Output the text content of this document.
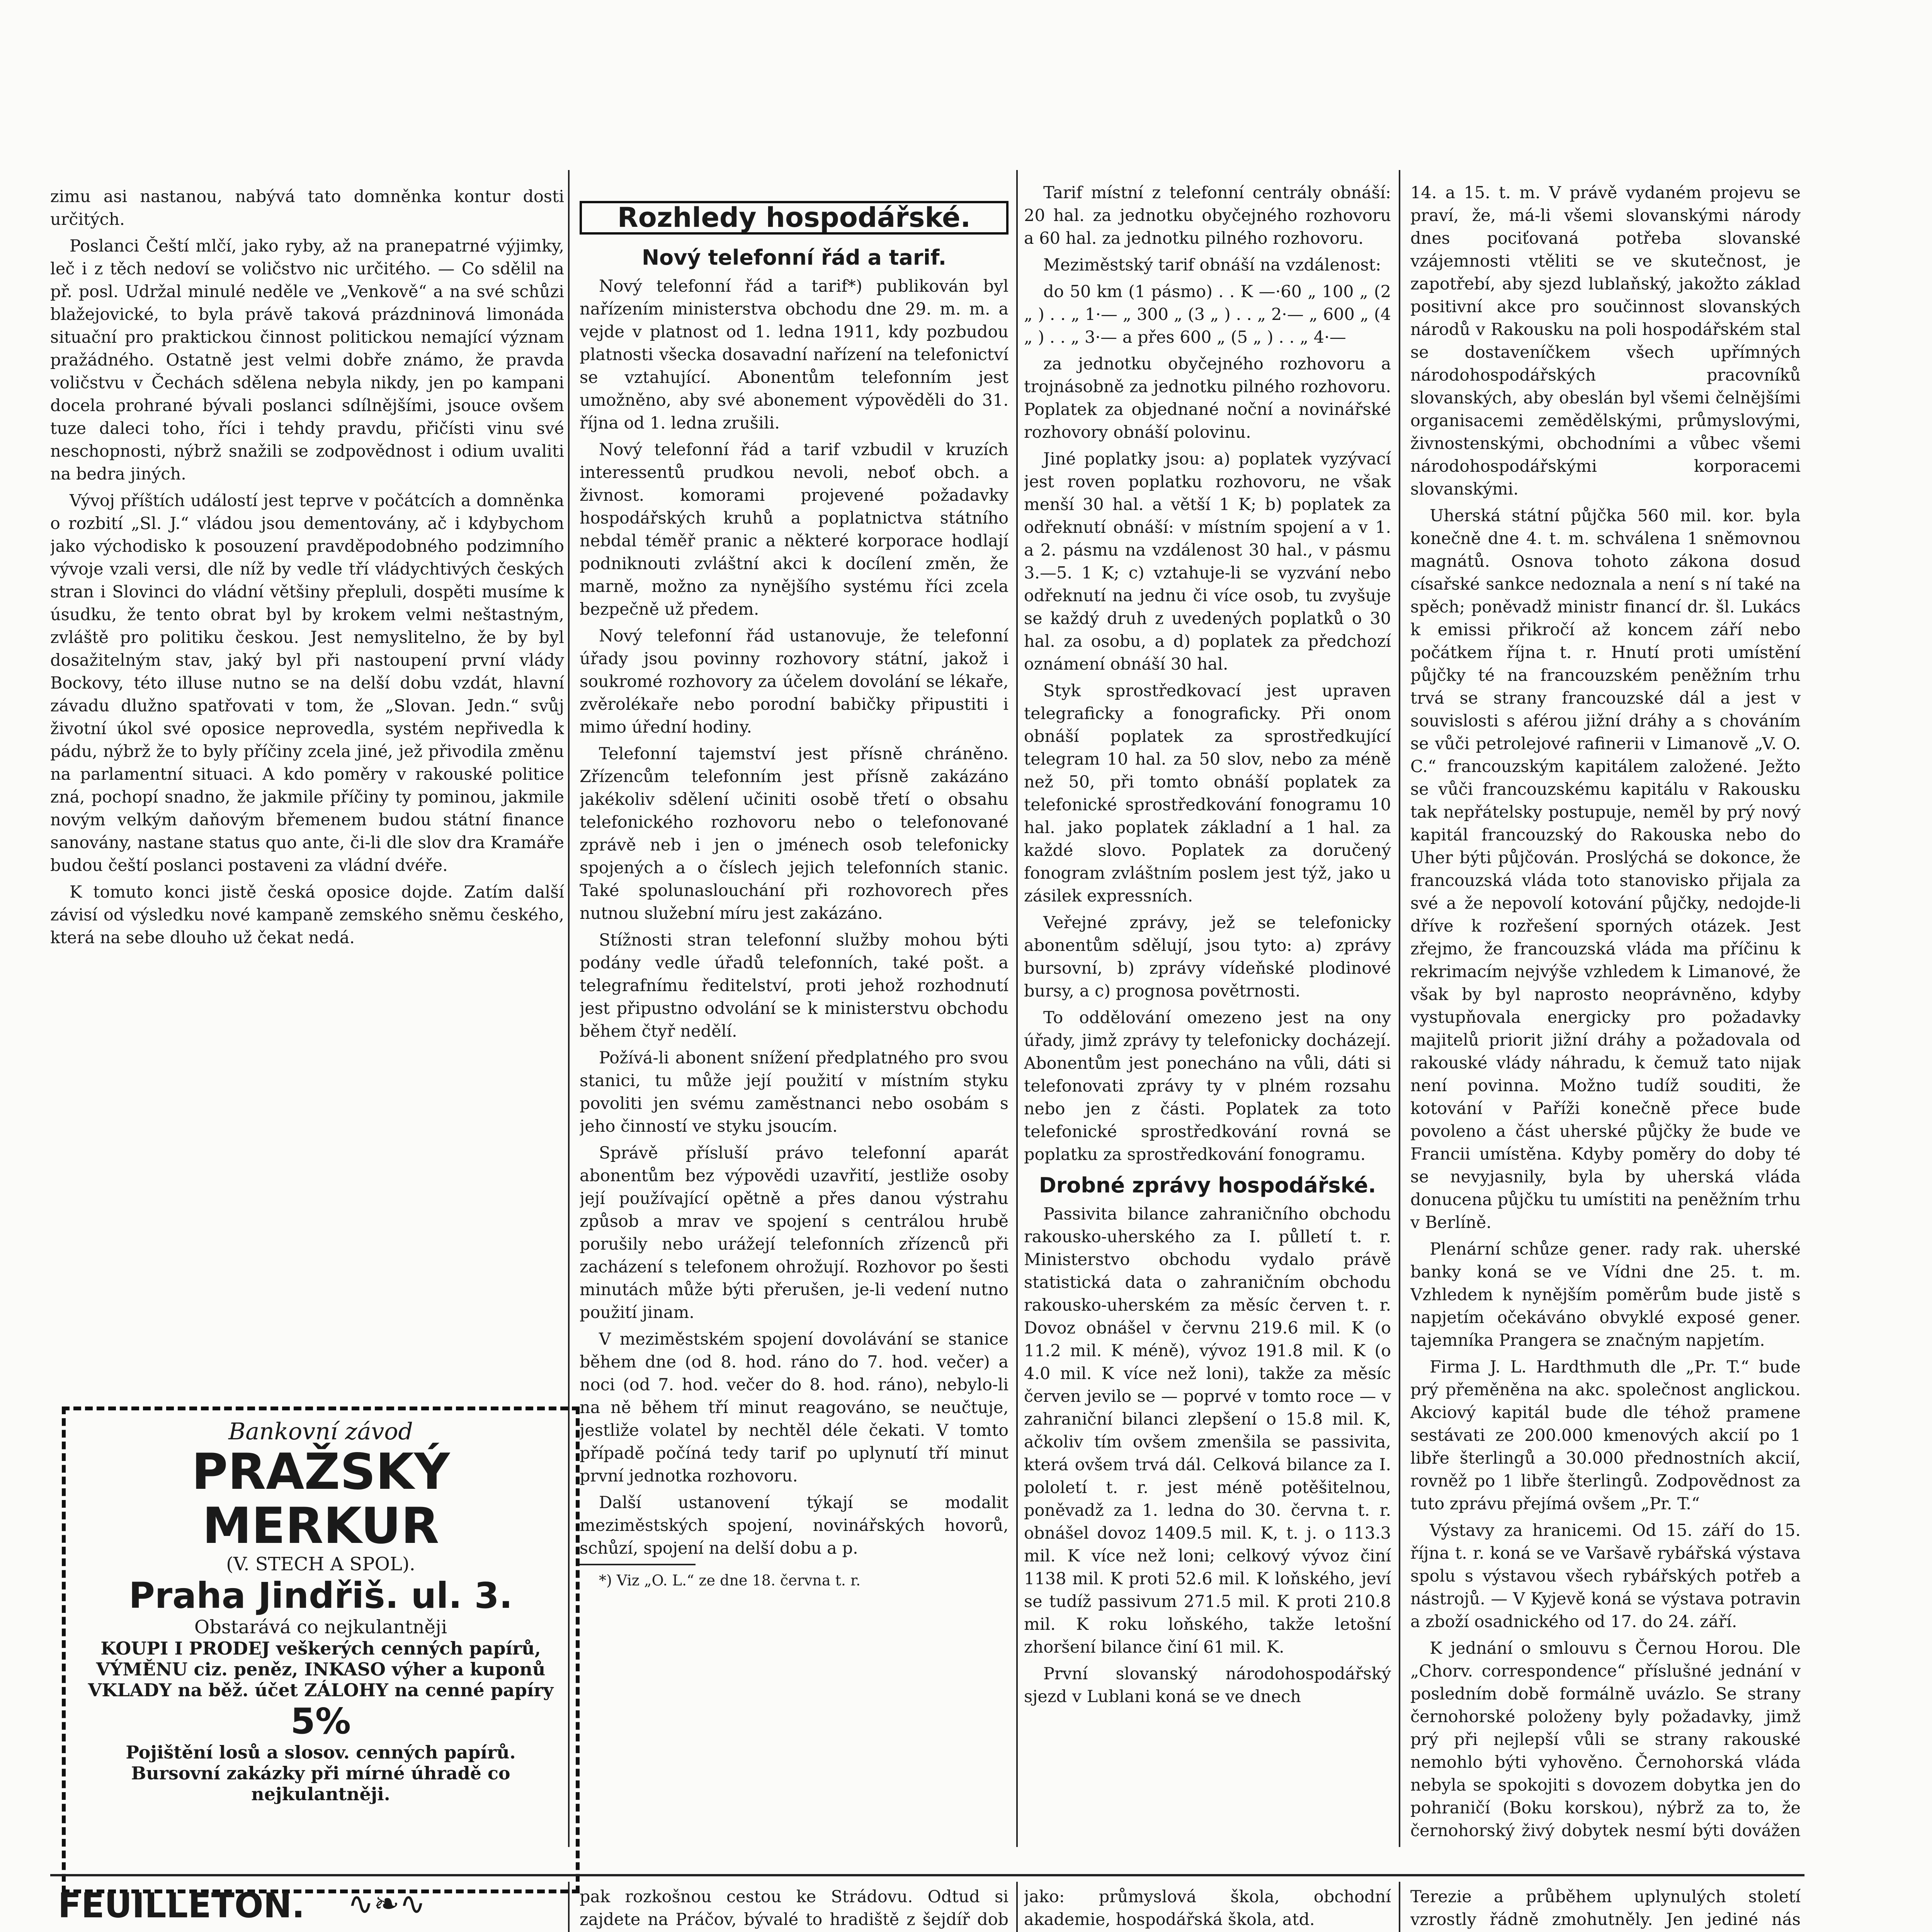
zimu asi nastanou, nabývá tato domněnka kontur dosti určitých.

Poslanci Čeští mlčí, jako ryby, až na pranepatrné výjimky, leč i z těch nedoví se voličstvo nic určitého. — Co sdělil na př. posl. Udržal minulé neděle ve „Venkově“ a na své schůzi blažejovické, to byla právě taková prázdninová limonáda situační pro praktickou činnost politickou nemající význam pražádného. Ostatně jest velmi dobře známo, že pravda voličstvu v Čechách sdělena nebyla nikdy, jen po kampani docela prohrané bývali poslanci sdílnějšími, jsouce ovšem tuze daleci toho, říci i tehdy pravdu, přičísti vinu své neschopnosti, nýbrž snažili se zodpovědnost i odium uvaliti na bedra jiných.

Vývoj příštích událostí jest teprve v počátcích a domněnka o rozbití „Sl. J.“ vládou jsou dementovány, ač i kdybychom jako východisko k posouzení pravděpodobného podzimního vývoje vzali versi, dle níž by vedle tří vládychtivých českých stran i Slovinci do vládní většiny přepluli, dospěti musíme k úsudku, že tento obrat byl by krokem velmi neštastným, zvláště pro politiku českou. Jest nemyslitelno, že by byl dosažitelným stav, jaký byl při nastoupení první vlády Bockovy, této illuse nutno se na delší dobu vzdát, hlavní závadu dlužno spatřovati v tom, že „Slovan. Jedn.“ svůj životní úkol své oposice neprovedla, systém nepřivedla k pádu, nýbrž že to byly příčiny zcela jiné, jež přivodila změnu na parlamentní situaci. A kdo poměry v rakouské politice zná, pochopí snadno, že jakmile příčiny ty pominou, jakmile novým velkým daňovým břemenem budou státní finance sanovány, nastane status quo ante, či-li dle slov dra Kramáře budou čeští poslanci postaveni za vládní dvéře.

K tomuto konci jistě česká oposice dojde. Zatím další závisí od výsledku nové kampaně zemského sněmu českého, která na sebe dlouho už čekat nedá.

Bankovní závod
PRAŽSKÝ MERKUR
(V. STECH A SPOL).
Praha Jindřiš. ul. 3.
Obstarává co nejkulantněji
KOUPI I PRODEJ veškerých cenných papírů,
VÝMĚNU ciz. peněz, INKASO výher a kuponů
VKLADY na běž. účet ZÁLOHY na cenné papíry
5%
Pojištění losů a slosov. cenných papírů.
Bursovní zakázky při mírné úhradě co nejkulantněji.
Rozhledy hospodářské.
Nový telefonní řád a tarif.

Nový telefonní řád a tarif*) publikován byl nařízením ministerstva obchodu dne 29. m. m. a vejde v platnost od 1. ledna 1911, kdy pozbudou platnosti všecka dosavadní nařízení na telefonictví se vztahující. Abonentům telefonním jest umožněno, aby své abonement výpověděli do 31. října od 1. ledna zrušili.

Nový telefonní řád a tarif vzbudil v kruzích interessentů prudkou nevoli, neboť obch. a živnost. komorami projevené požadavky hospodářských kruhů a poplatnictva státního nebdal téměř pranic a některé korporace hodlají podniknouti zvláštní akci k docílení změn, že marně, možno za nynějšího systému říci zcela bezpečně už předem.

Nový telefonní řád ustanovuje, že telefonní úřady jsou povinny rozhovory státní, jakož i soukromé rozhovory za účelem dovolání se lékaře, zvěrolékaře nebo porodní babičky připustiti i mimo úřední hodiny.

Telefonní tajemství jest přísně chráněno. Zřízencům telefonním jest přísně zakázáno jakékoliv sdělení učiniti osobě třetí o obsahu telefonického rozhovoru nebo o telefonované zprávě neb i jen o jménech osob telefonicky spojených a o číslech jejich telefonních stanic. Také spolunaslouchání při rozhovorech přes nutnou služební míru jest zakázáno.

Stížnosti stran telefonní služby mohou býti podány vedle úřadů telefonních, také pošt. a telegrafnímu ředitelství, proti jehož rozhodnutí jest připustno odvolání se k ministerstvu obchodu během čtyř nedělí.

Požívá-li abonent snížení předplatného pro svou stanici, tu může její použití v místním styku povoliti jen svému zaměstnanci nebo osobám s jeho činností ve styku jsoucím.

Správě přísluší právo telefonní aparát abonentům bez výpovědi uzavřití, jestliže osoby její používající opětně a přes danou výstrahu způsob a mrav ve spojení s centrálou hrubě porušily nebo urážejí telefonních zřízenců při zacházení s telefonem ohrožují. Rozhovor po šesti minutách může býti přerušen, je-li vedení nutno použití jinam.

V meziměstském spojení dovolávání se stanice během dne (od 8. hod. ráno do 7. hod. večer) a noci (od 7. hod. večer do 8. hod. ráno), nebylo-li na ně během tří minut reagováno, se neučtuje, jestliže volatel by nechtěl déle čekati. V tomto případě počíná tedy tarif po uplynutí tří minut první jednotka rozhovoru.

Další ustanovení týkají se modalit meziměstských spojení, novinářských hovorů, schůzí, spojení na delší dobu a p.

*) Viz „O. L.“ ze dne 18. června t. r.

Tarif místní z telefonní centrály obnáší: 20 hal. za jednotku obyčejného rozhovoru a 60 hal. za jednotku pilného rozhovoru.

Meziměstský tarif obnáší na vzdálenost:

do 50 km (1 pásmo) . . K —·60 „ 100 „ (2 „ ) . . „ 1·— „ 300 „ (3 „ ) . . „ 2·— „ 600 „ (4 „ ) . . „ 3·— a přes 600 „ (5 „ ) . . „ 4·—

za jednotku obyčejného rozhovoru a trojnásobně za jednotku pilného rozhovoru. Poplatek za objednané noční a novinářské rozhovory obnáší polovinu.

Jiné poplatky jsou: a) poplatek vyzývací jest roven poplatku rozhovoru, ne však menší 30 hal. a větší 1 K; b) poplatek za odřeknutí obnáší: v místním spojení a v 1. a 2. pásmu na vzdálenost 30 hal., v pásmu 3.—5. 1 K; c) vztahuje-li se vyzvání nebo odřeknutí na jednu či více osob, tu zvyšuje se každý druh z uvedených poplatků o 30 hal. za osobu, a d) poplatek za předchozí oznámení obnáší 30 hal.

Styk sprostředkovací jest upraven telegraficky a fonograficky. Při onom obnáší poplatek za sprostředkující telegram 10 hal. za 50 slov, nebo za méně než 50, při tomto obnáší poplatek za telefonické sprostředkování fonogramu 10 hal. jako poplatek základní a 1 hal. za každé slovo. Poplatek za doručený fonogram zvláštním poslem jest týž, jako u zásilek expressních.

Veřejné zprávy, jež se telefonicky abonentům sdělují, jsou tyto: a) zprávy bursovní, b) zprávy vídeňské plodinové bursy, a c) prognosa povětrnosti.

To oddělování omezeno jest na ony úřady, jimž zprávy ty telefonicky docházejí. Abonentům jest ponecháno na vůli, dáti si telefonovati zprávy ty v plném rozsahu nebo jen z části. Poplatek za toto telefonické sprostředkování rovná se poplatku za sprostředkování fonogramu.

Drobné zprávy hospodářské.

Passivita bilance zahraničního obchodu rakousko-uherského za I. půlletí t. r. Ministerstvo obchodu vydalo právě statistická data o zahraničním obchodu rakousko-uherském za měsíc červen t. r. Dovoz obnášel v červnu 219.6 mil. K (o 11.2 mil. K méně), vývoz 191.8 mil. K (o 4.0 mil. K více než loni), takže za měsíc červen jevilo se — poprvé v tomto roce — v zahraniční bilanci zlepšení o 15.8 mil. K, ačkoliv tím ovšem zmenšila se passivita, která ovšem trvá dál. Celková bilance za I. pololetí t. r. jest méně potěšitelnou, poněvadž za 1. ledna do 30. června t. r. obnášel dovoz 1409.5 mil. K, t. j. o 113.3 mil. K více než loni; celkový vývoz činí 1138 mil. K proti 52.6 mil. K loňského, jeví se tudíž passivum 271.5 mil. K proti 210.8 mil. K roku loňského, takže letošní zhoršení bilance činí 61 mil. K.

První slovanský národohospodářský sjezd v Lublani koná se ve dnech

14. a 15. t. m. V právě vydaném projevu se praví, že, má-li všemi slovanskými národy dnes pociťovaná potřeba slovanské vzájemnosti vtěliti se ve skutečnost, je zapotřebí, aby sjezd lublaňský, jakožto základ positivní akce pro součinnost slovanských národů v Rakousku na poli hospodářském stal se dostaveníčkem všech upřímných národohospodářských pracovníků slovanských, aby obeslán byl všemi čelnějšími organisacemi zemědělskými, průmyslovými, živnostenskými, obchodními a vůbec všemi národohospodářskými korporacemi slovanskými.

Uherská státní půjčka 560 mil. kor. byla konečně dne 4. t. m. schválena 1 sněmovnou magnátů. Osnova tohoto zákona dosud císařské sankce nedoznala a není s ní také na spěch; poněvadž ministr financí dr. šl. Lukács k emissi přikročí až koncem září nebo počátkem října t. r. Hnutí proti umístění půjčky té na francouzském peněžním trhu trvá se strany francouzské dál a jest v souvislosti s aférou jižní dráhy a s chováním se vůči petrolejové rafinerii v Limanově „V. O. C.“ francouzským kapitálem založené. Ježto se vůči francouzskému kapitálu v Rakousku tak nepřátelsky postupuje, neměl by prý nový kapitál francouzský do Rakouska nebo do Uher býti půjčován. Proslýchá se dokonce, že francouzská vláda toto stanovisko přijala za své a že nepovolí kotování půjčky, nedojde-li dříve k rozřešení sporných otázek. Jest zřejmo, že francouzská vláda ma příčinu k rekrimacím nejvýše vzhledem k Limanové, že však by byl naprosto neoprávněno, kdyby vystupňovala energicky pro požadavky majitelů priorit jižní dráhy a požadovala od rakouské vlády náhradu, k čemuž tato nijak není povinna. Možno tudíž souditi, že kotování v Paříži konečně přece bude povoleno a část uherské půjčky že bude ve Francii umístěna. Kdyby poměry do doby té se nevyjasnily, byla by uherská vláda donucena půjčku tu umístiti na peněžním trhu v Berlíně.

Plenární schůze gener. rady rak. uherské banky koná se ve Vídni dne 25. t. m. Vzhledem k nynějším poměrům bude jistě s napjetím očekáváno obvyklé exposé gener. tajemníka Prangera se značným napjetím.

Firma J. L. Hardthmuth dle „Pr. T.“ bude prý přeměněna na akc. společnost anglickou. Akciový kapitál bude dle téhož pramene sestávati ze 200.000 kmenových akcií po 1 libře šterlingů a 30.000 přednostních akcií, rovněž po 1 libře šterlingů. Zodpovědnost za tuto zprávu přejímá ovšem „Pr. T.“

Výstavy za hranicemi. Od 15. září do 15. října t. r. koná se ve Varšavě rybářská výstava spolu s výstavou všech rybářských potřeb a nástrojů. — V Kyjevě koná se výstava potravin a zboží osadnického od 17. do 24. září.

K jednání o smlouvu s Černou Horou. Dle „Chorv. correspondence“ příslušné jednání v posledním době formálně uvázlo. Se strany černohorské položeny byly požadavky, jimž prý při nejlepší vůli se strany rakouské nemohlo býti vyhověno. Černohorská vláda nebyla se spokojiti s dovozem dobytka jen do pohraničí (Boku korskou), nýbrž za to, že černohorský živý dobytek nesmí býti dovážen

FEUILLETON. ∿❧∿	pak rozkošnou cestou ke Strádovu. Odtud si zajdete na Práčov, bývalé to hradiště z šejdíř dob

jako: průmyslová škola, obchodní akademie, hospodářská škola, atd.

Terezie a průběhem uplynulých století vzrostly řádně zmohutněly. Jen jediné nás
